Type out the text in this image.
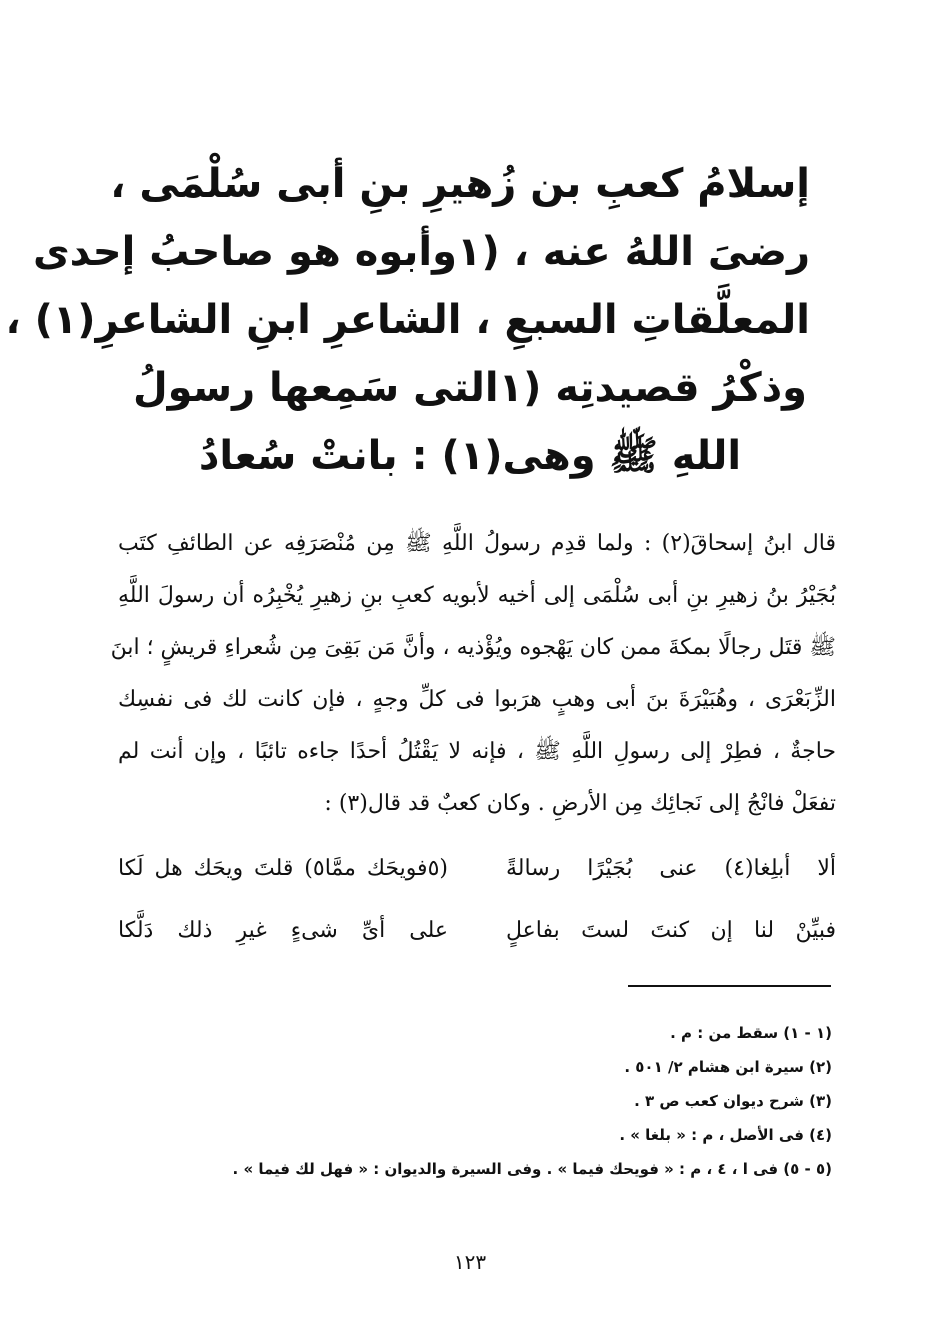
إسلامُ كعبِ بن زُهيرِ بنِ أبى سُلْمَى ،
رضىَ اللهُ عنه ، (١وأبوه هو صاحبُ إحدى
المعلَّقاتِ السبعِ ، الشاعرِ ابنِ الشاعرِ(١) ،
وذكْرُ قصيدتِه (١التى سَمِعها رسولُ
اللهِ ﷺ وهى(١) : بانتْ سُعادُ
قال ابنُ إسحاقَ(٢) : ولما قدِم رسولُ اللَّهِ ﷺ مِن مُنْصَرَفِه عن الطائفِ كتَب
بُجَيْرُ بنُ زهيرِ بنِ أبى سُلْمَى إلى أخيه لأبويه كعبِ بنِ زهيرِ يُخْبِرُه أن رسولَ اللَّهِ
ﷺ قتَل رجالًا بمكةَ ممن كان يَهْجوه ويُؤْذيه ، وأنَّ مَن بَقِىَ مِن شُعراءِ قريشٍ ؛ ابنَ
الزِّبَعْرَى ، وهُبَيْرَةَ بنَ أبى وهبٍ هرَبوا فى كلِّ وجهٍ ، فإن كانت لك فى نفسِك
حاجةٌ ، فطِرْ إلى رسولِ اللَّهِ ﷺ ، فإنه لا يَقْتُلُ أحدًا جاءه تائبًا ، وإن أنت لم
تفعَلْ فانْجُ إلى نَجائِك مِن الأرضِ . وكان كعبٌ قد قال(٣) :
ألا أبلِغا(٤) عنى بُجَيْرًا رسالةً
(٥فويحَك ممَّا٥) قلتَ ويحَك هل لَكا
فبيِّنْ لنا إن كنتَ لستَ بفاعلٍ
على أىِّ شىءٍ غيرِ ذلك دَلَّكا
(١ - ١) سقط من : م .
(٢) سيرة ابن هشام ٢/ ٥٠١ .
(٣) شرح ديوان كعب ص ٣ .
(٤) فى الأصل ، م : « بلغا » .
(٥ - ٥) فى ا ، ٤ ، م : « فويحك فيما » . وفى السيرة والديوان : « فهل لك فيما » .
١٢٣
